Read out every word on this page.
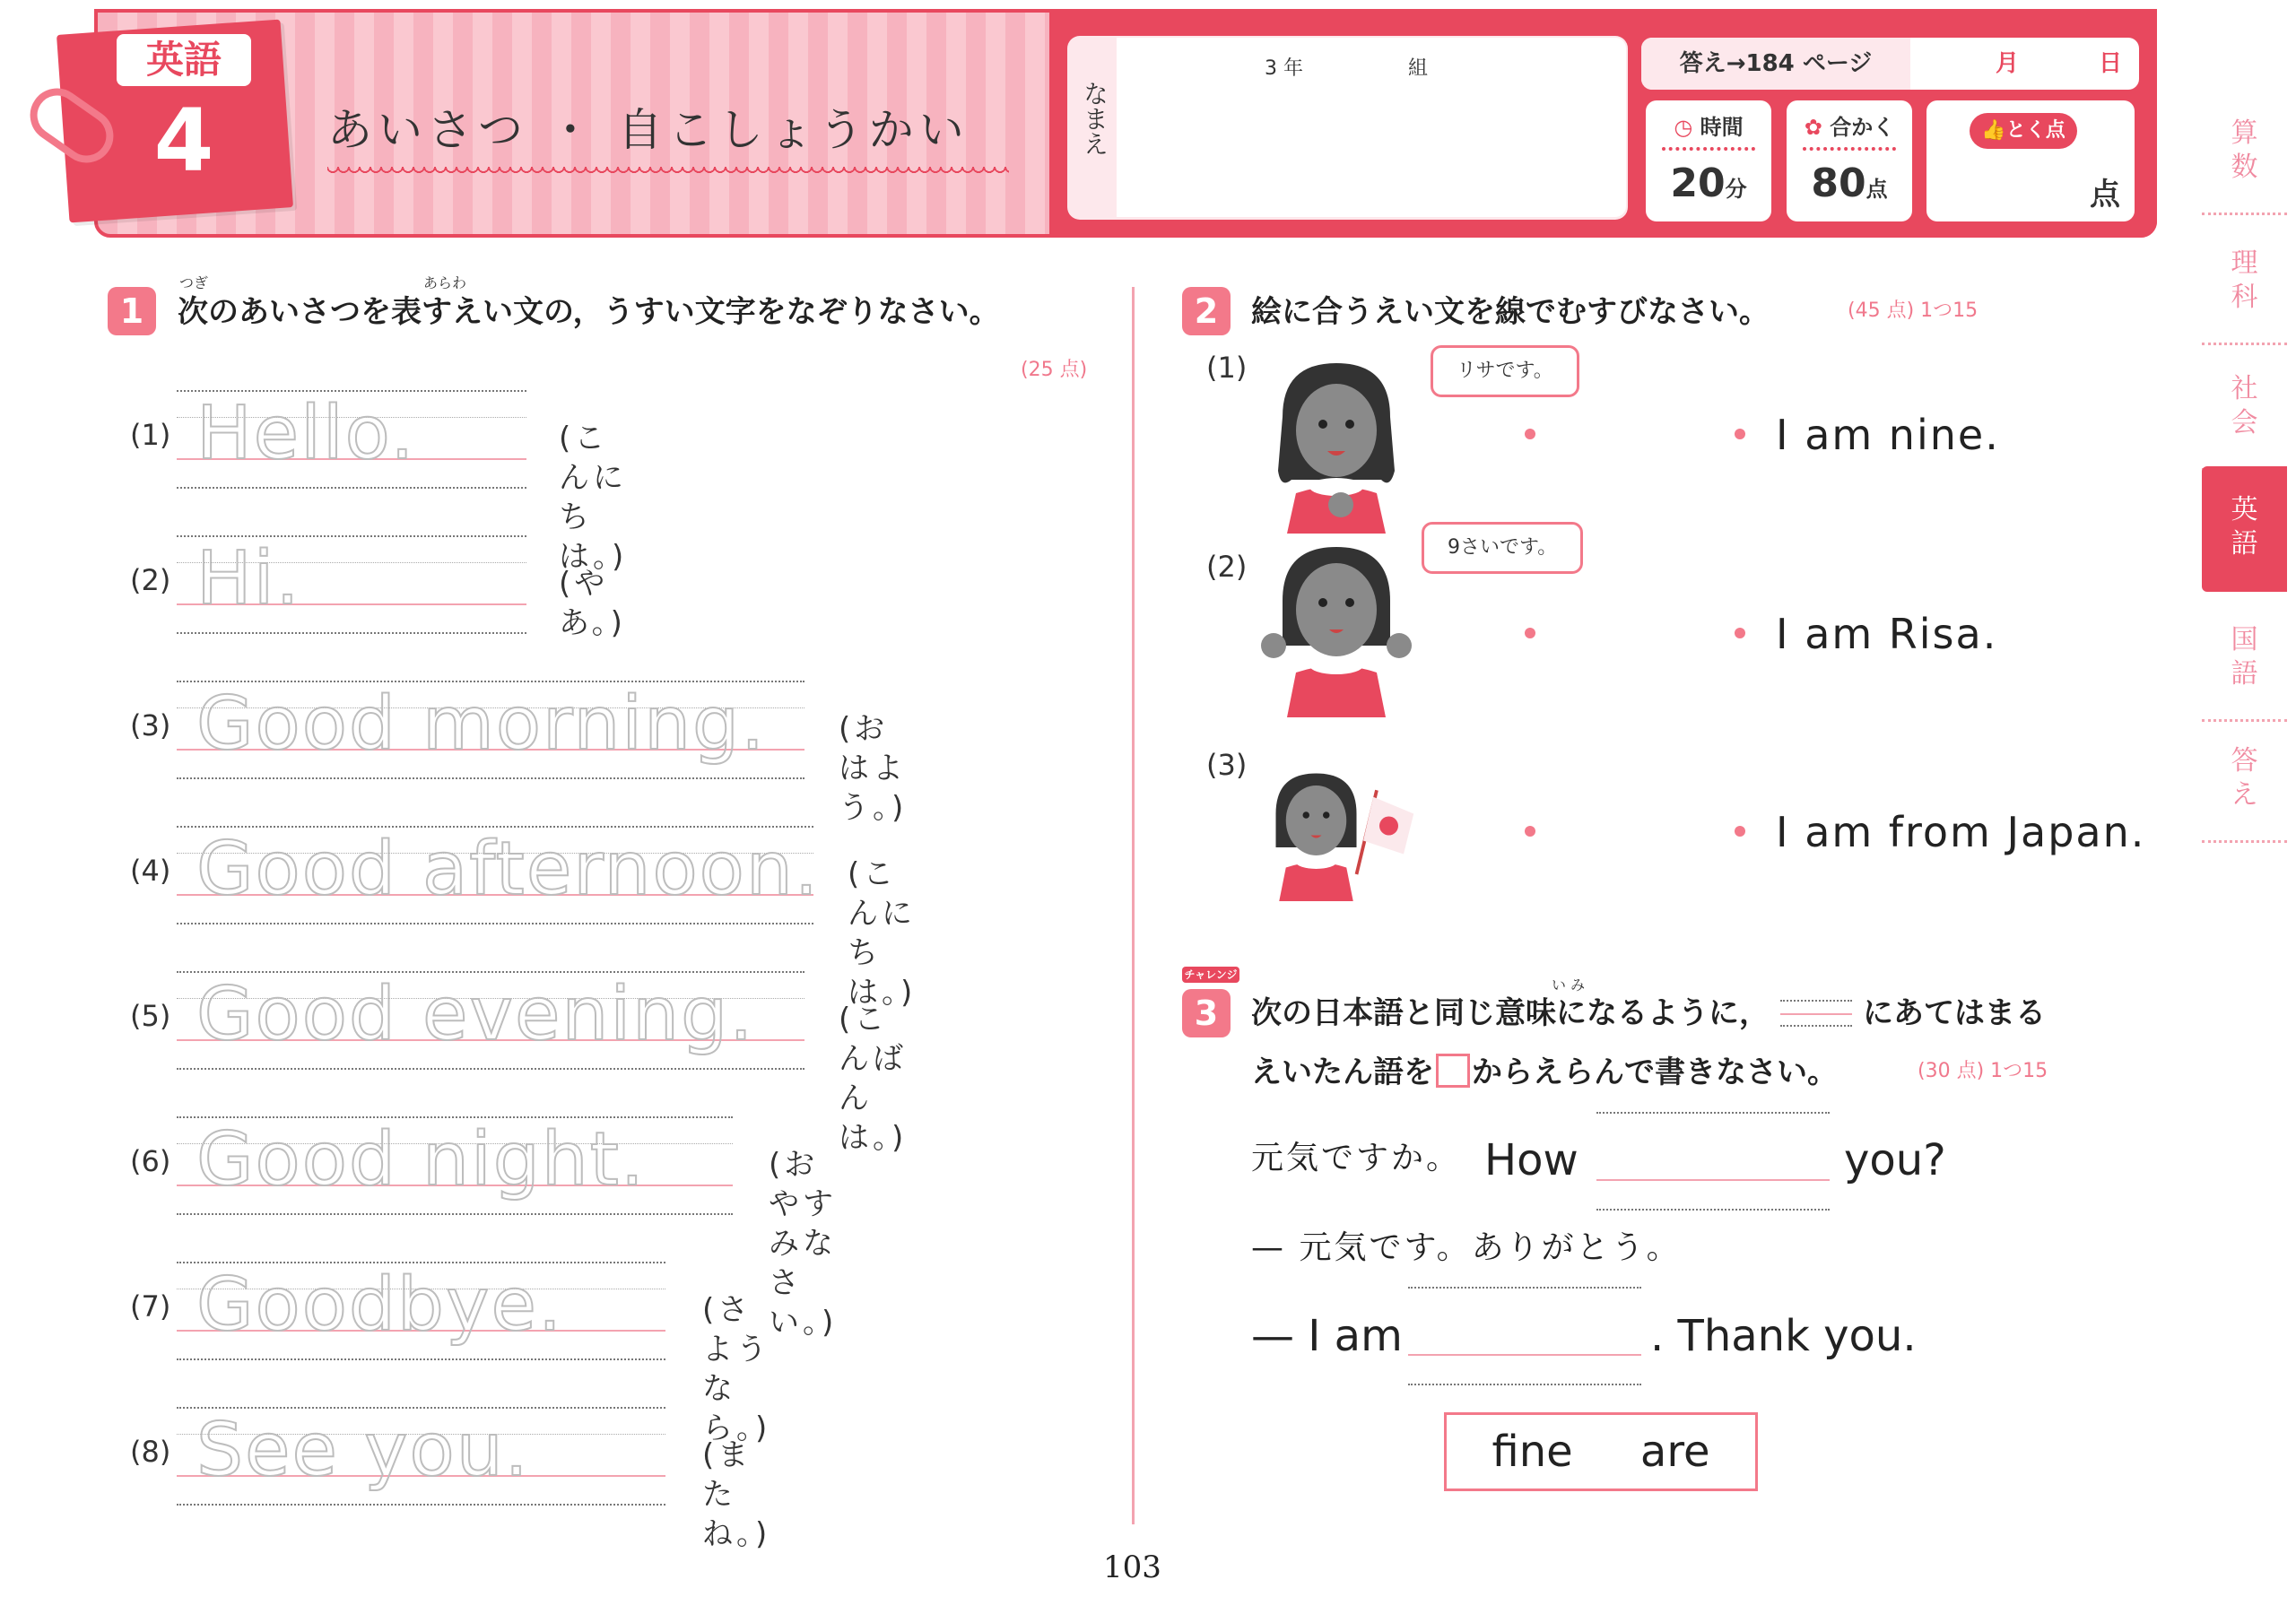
英語
4	あいさつ ・ 自こしょうかい	なまえ
3 年	組	答え→184 ページ	月	日
◷ 時間
20分
✿ 合かく
80点
👍とく点
点
算
数
理
科
社
会
英
語
国
語
答
え
1
つぎ	あらわ
次のあいさつを表すえい文の，うすい文字をなぞりなさい。
(25 点)
(1) Hello.	(こんにちは。)
(2) Hi.	(やあ。)
(3) Good morning. (おはよう。)
(4) Good afternoon. (こんにちは。)
(5) Good evening.	(こんばんは。)
(6) Good night.	(おやすみなさい。)
(7) Goodbye.	(さようなら。)
(8) See you.	(またね。)
2	絵に合うえい文を線でむすびなさい。	(45 点) 1つ15
(1)	リサです。
I am nine.
(2)
9さいです。
I am Risa.
(3)
I am from Japan.
チャレンジ
3
い み
次の日本語と同じ意味になるように，	にあてはまる
えいたん語を からえらんで書きなさい。	(30 点) 1つ15
元気ですか。 How	you?
— 元気です。ありがとう。
— I am	. Thank you.
fine are
103
